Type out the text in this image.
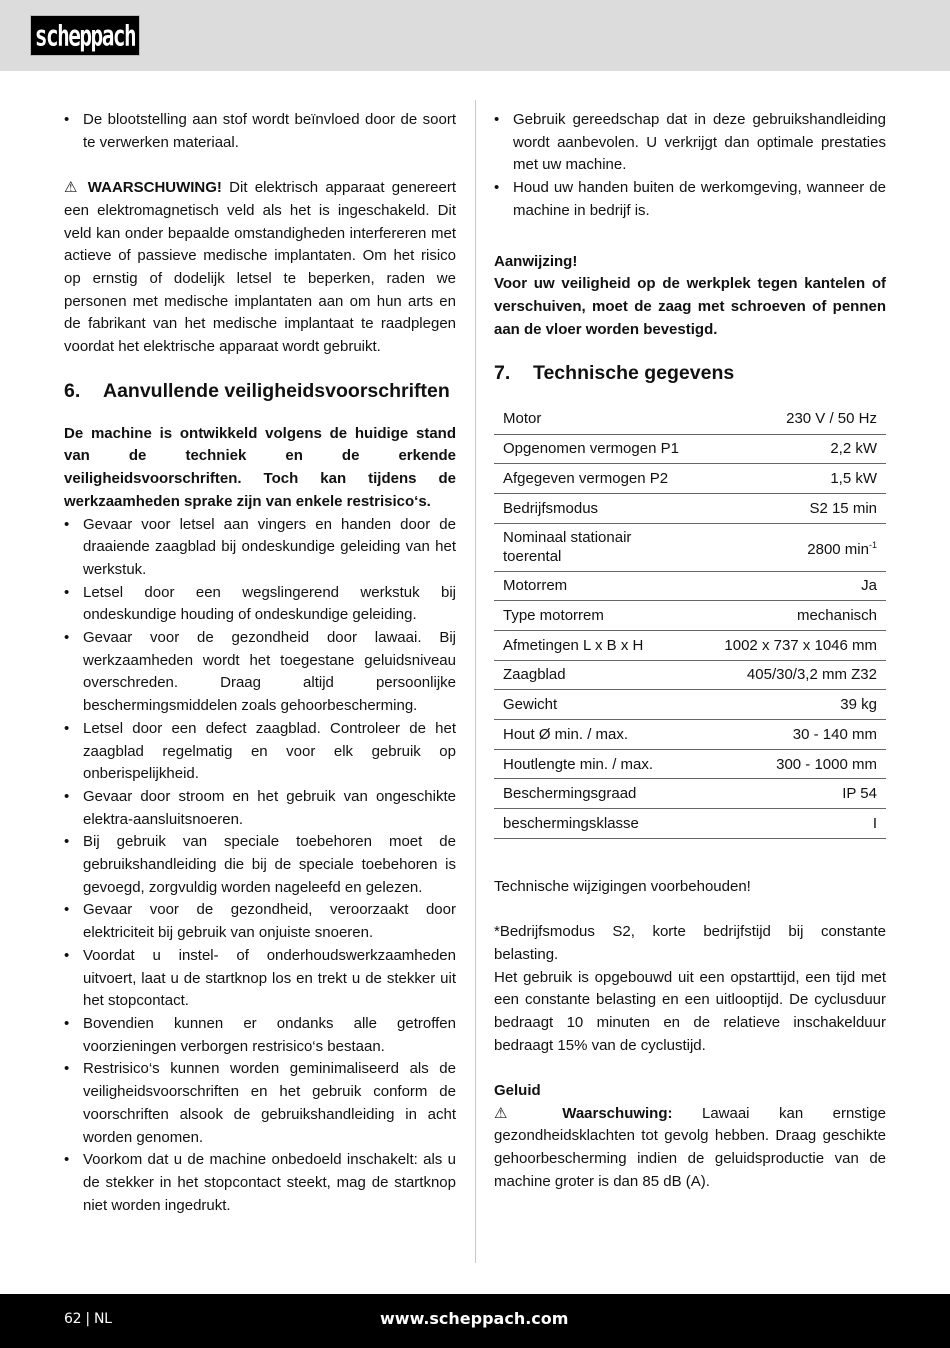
scheppach
• De blootstelling aan stof wordt beïnvloed door de soort te verwerken materiaal.

⚠ WAARSCHUWING! Dit elektrisch apparaat genereert een elektromagnetisch veld als het is ingeschakeld. Dit veld kan onder bepaalde omstandigheden interfereren met actieve of passieve medische implantaten. Om het risico op ernstig of dodelijk letsel te beperken, raden we personen met medische implantaten aan om hun arts en de fabrikant van het medische implantaat te raadplegen voordat het elektrische apparaat wordt gebruikt.

6.	Aanvullende veiligheidsvoorschriften

De machine is ontwikkeld volgens de huidige stand van de techniek en de erkende veiligheidsvoorschriften. Toch kan tijdens de werkzaamheden sprake zijn van enkele restrisico‘s.

• Gevaar voor letsel aan vingers en handen door de draaiende zaagblad bij ondeskundige geleiding van het werkstuk.
• Letsel door een wegslingerend werkstuk bij ondeskundige houding of ondeskundige geleiding.
• Gevaar voor de gezondheid door lawaai. Bij werkzaamheden wordt het toegestane geluidsniveau overschreden. Draag altijd persoonlijke beschermingsmiddelen zoals gehoorbescherming.
• Letsel door een defect zaagblad. Controleer de het zaagblad regelmatig en voor elk gebruik op onberispelijkheid.
• Gevaar door stroom en het gebruik van ongeschikte elektra-aansluitsnoeren.
• Bij gebruik van speciale toebehoren moet de gebruikshandleiding die bij de speciale toebehoren is gevoegd, zorgvuldig worden nageleefd en gelezen.
• Gevaar voor de gezondheid, veroorzaakt door elektriciteit bij gebruik van onjuiste snoeren.
• Voordat u instel- of onderhoudswerkzaamheden uitvoert, laat u de startknop los en trekt u de stekker uit het stopcontact.
• Bovendien kunnen er ondanks alle getroffen voorzieningen verborgen restrisico‘s bestaan.
• Restrisico‘s kunnen worden geminimaliseerd als de veiligheidsvoorschriften en het gebruik conform de voorschriften alsook de gebruikshandleiding in acht worden genomen.
• Voorkom dat u de machine onbedoeld inschakelt: als u de stekker in het stopcontact steekt, mag de startknop niet worden ingedrukt.
• Gebruik gereedschap dat in deze gebruikshandleiding wordt aanbevolen. U verkrijgt dan optimale prestaties met uw machine.
• Houd uw handen buiten de werkomgeving, wanneer de machine in bedrijf is.

Aanwijzing!

Voor uw veiligheid op de werkplek tegen kantelen of verschuiven, moet de zaag met schroeven of pennen aan de vloer worden bevestigd.

7.	Technische gegevens
Motor	230 V / 50 Hz
Opgenomen vermogen P1	2,2 kW
Afgegeven vermogen P2	1,5 kW
Bedrijfsmodus	S2 15 min
Nominaal stationair toerental	2800 $\min^{-1}$
Motorrem	Ja
Type motorrem	mechanisch
Afmetingen L x B x H	1002 x 737 x 1046 mm
Zaagblad	405/30/3,2 mm Z32
Gewicht	39 kg
Hout Ø min. / max.	30 - 140 mm
Houtlengte min. / max.	300 - 1000 mm
Beschermingsgraad	IP 54
beschermingsklasse	I

Technische wijzigingen voorbehouden!

*Bedrijfsmodus S2, korte bedrijfstijd bij constante belasting.

Het gebruik is opgebouwd uit een opstarttijd, een tijd met een constante belasting en een uitlooptijd. De cyclusduur bedraagt 10 minuten en de relatieve inschakelduur bedraagt 15% van de cyclustijd.

Geluid

⚠ Waarschuwing: Lawaai kan ernstige gezondheidsklachten tot gevolg hebben. Draag geschikte gehoorbescherming indien de geluidsproductie van de machine groter is dan 85 dB (A).

62 | NL	www.scheppach.com
